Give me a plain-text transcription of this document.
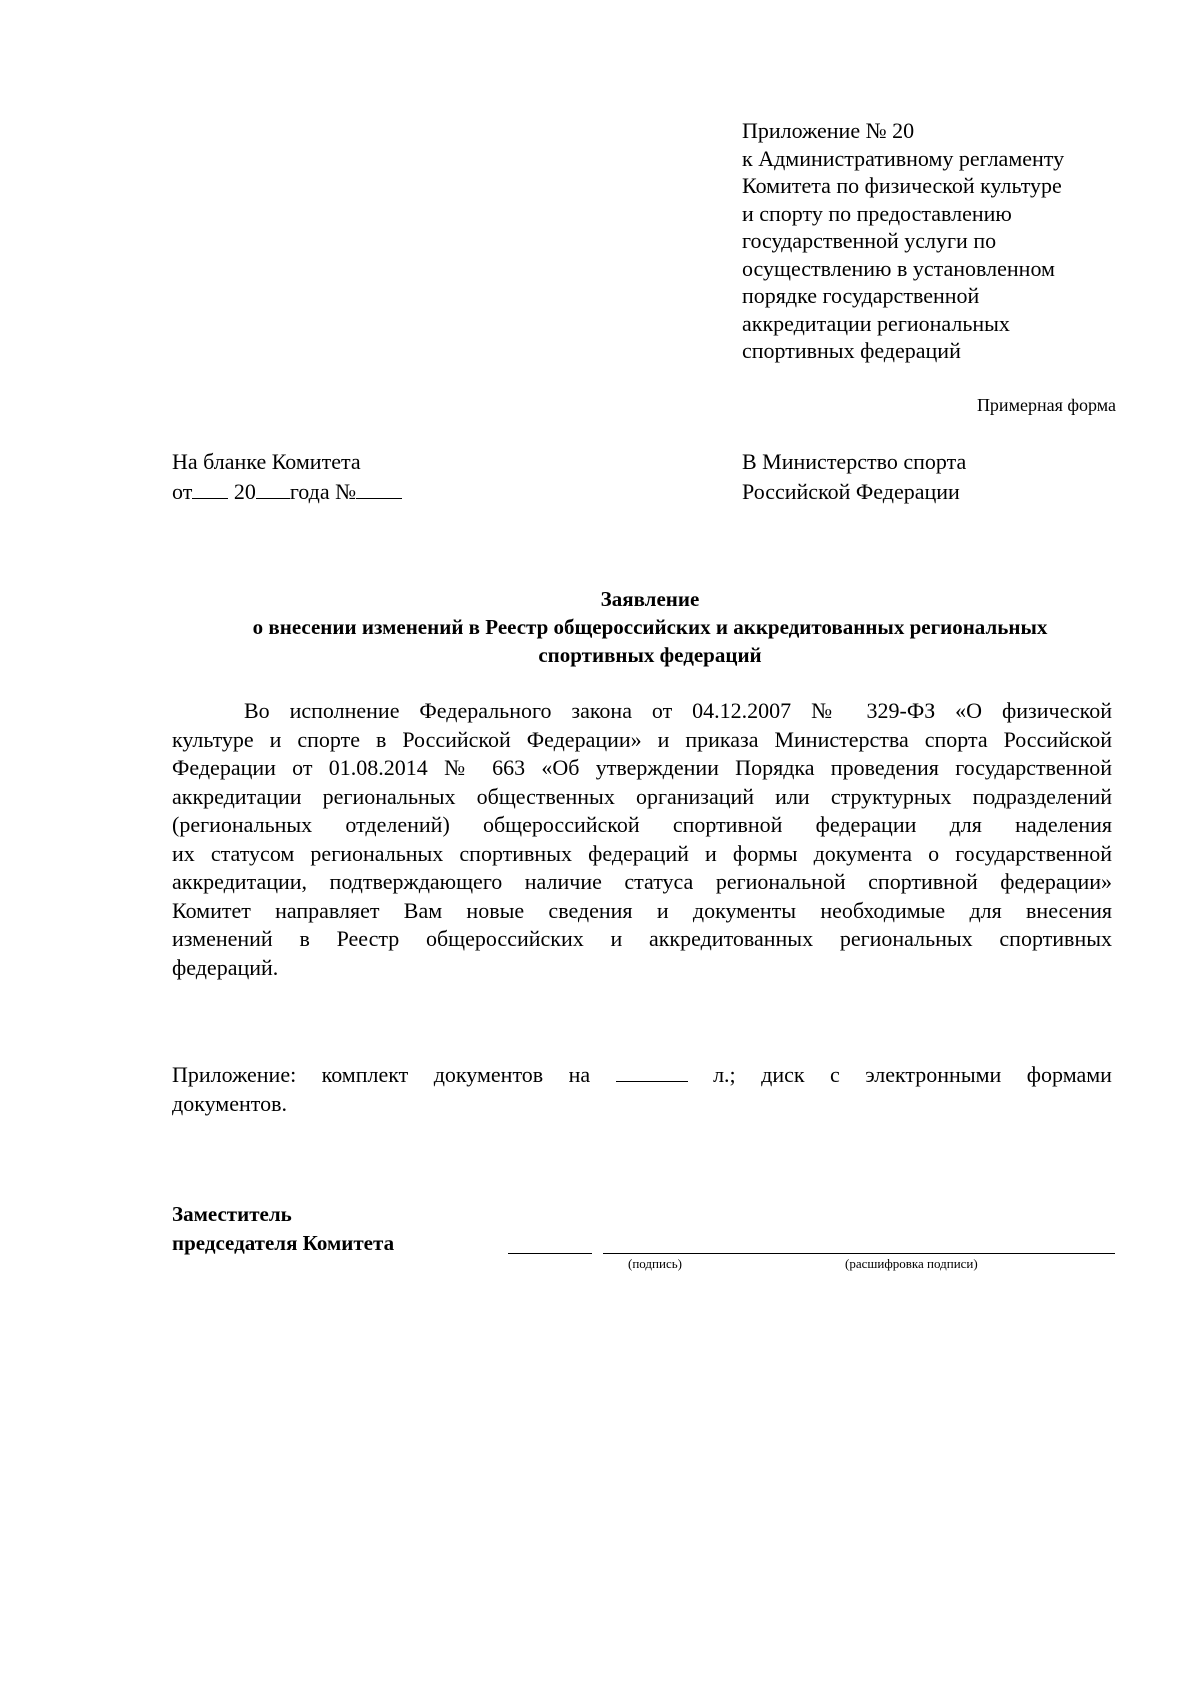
Приложение № 20
к Административному регламенту
Комитета по физической культуре
и спорту по предоставлению
государственной услуги по
осуществлению в установленном
порядке государственной
аккредитации региональных
спортивных федераций
Примерная форма
На бланке Комитета
от 20 года №
В Министерство спорта
Российской Федерации
Заявление
о внесении изменений в Реестр общероссийских и аккредитованных региональных
спортивных федераций
Во исполнение Федерального закона от 04.12.2007 № 329-ФЗ «О физической
культуре и спорте в Российской Федерации» и приказа Министерства спорта Российской
Федерации от 01.08.2014 № 663 «Об утверждении Порядка проведения государственной
аккредитации региональных общественных организаций или структурных подразделений
(региональных отделений) общероссийской спортивной федерации для наделения
их статусом региональных спортивных федераций и формы документа о государственной
аккредитации, подтверждающего наличие статуса региональной спортивной федерации»
Комитет направляет Вам новые сведения и документы необходимые для внесения
изменений в Реестр общероссийских и аккредитованных региональных спортивных
федераций.
Приложение: комплект документов на	л.; диск с электронными формами
документов.
Заместитель
председателя Комитета
(подпись)	(расшифровка подписи)
